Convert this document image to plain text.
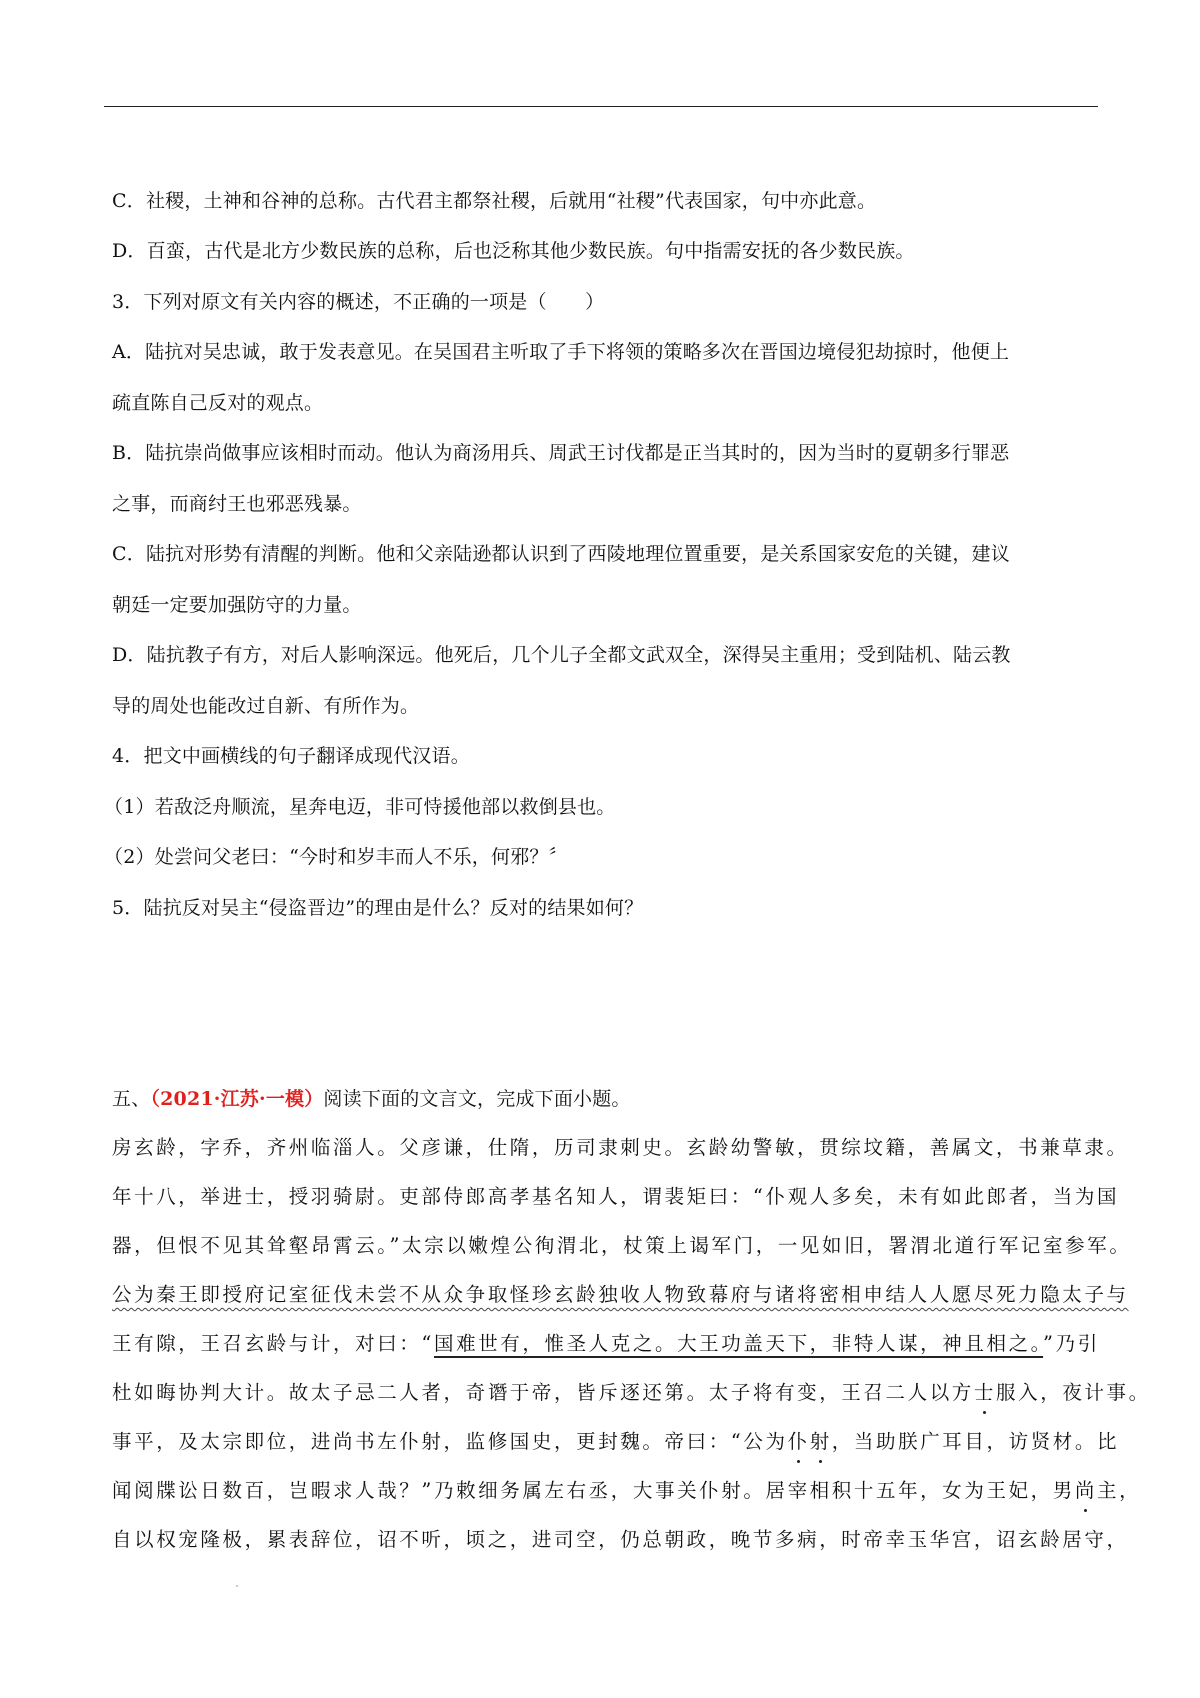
C．社稷，土神和谷神的总称。古代君主都祭社稷，后就用“社稷”代表国家，句中亦此意。
D．百蛮，古代是北方少数民族的总称，后也泛称其他少数民族。句中指需安抚的各少数民族。
3．下列对原文有关内容的概述，不正确的一项是（　　）
A．陆抗对吴忠诚，敢于发表意见。在吴国君主听取了手下将领的策略多次在晋国边境侵犯劫掠时，他便上
疏直陈自己反对的观点。
B．陆抗崇尚做事应该相时而动。他认为商汤用兵、周武王讨伐都是正当其时的，因为当时的夏朝多行罪恶
之事，而商纣王也邪恶残暴。
C．陆抗对形势有清醒的判断。他和父亲陆逊都认识到了西陵地理位置重要，是关系国家安危的关键，建议
朝廷一定要加强防守的力量。
D．陆抗教子有方，对后人影响深远。他死后，几个儿子全都文武双全，深得吴主重用；受到陆机、陆云教
导的周处也能改过自新、有所作为。
4．把文中画横线的句子翻译成现代汉语。
（1）若敌泛舟顺流，星奔电迈，非可恃援他部以救倒县也。
（2）处尝问父老曰：“今时和岁丰而人不乐，何邪？〞
5．陆抗反对吴主“侵盗晋边”的理由是什么？反对的结果如何？
五、（2021·江苏·一模）阅读下面的文言文，完成下面小题。
房玄龄，字乔，齐州临淄人。父彦谦，仕隋，历司隶刺史。玄龄幼警敏，贯综坟籍，善属文，书兼草隶。
年十八，举进士，授羽骑尉。吏部侍郎高孝基名知人，谓裴矩曰：“仆观人多矣，未有如此郎者，当为国
器，但恨不见其耸壑昂霄云。”太宗以嫩煌公徇渭北，杖策上谒军门，一见如旧，署渭北道行军记室参军。
公为秦王即授府记室征伐未尝不从众争取怪珍玄龄独收人物致幕府与诸将密相申结人人愿尽死力隐太子与
王有隙，王召玄龄与计，对曰：“国难世有，惟圣人克之。大王功盖天下，非特人谋，神且相之。”乃引
杜如晦协判大计。故太子忌二人者，奇谮于帝，皆斥逐还第。太子将有变，王召二人以方士服入，夜计事。
事平，及太宗即位，进尚书左仆射，监修国史，更封魏。帝曰：“公为仆射，当助朕广耳目，访贤材。比
闻阅牒讼日数百，岂暇求人哉？”乃敕细务属左右丞，大事关仆射。居宰相积十五年，女为王妃，男尚主，
自以权宠隆极，累表辞位，诏不听，顷之，进司空，仍总朝政，晚节多病，时帝幸玉华宫，诏玄龄居守，
